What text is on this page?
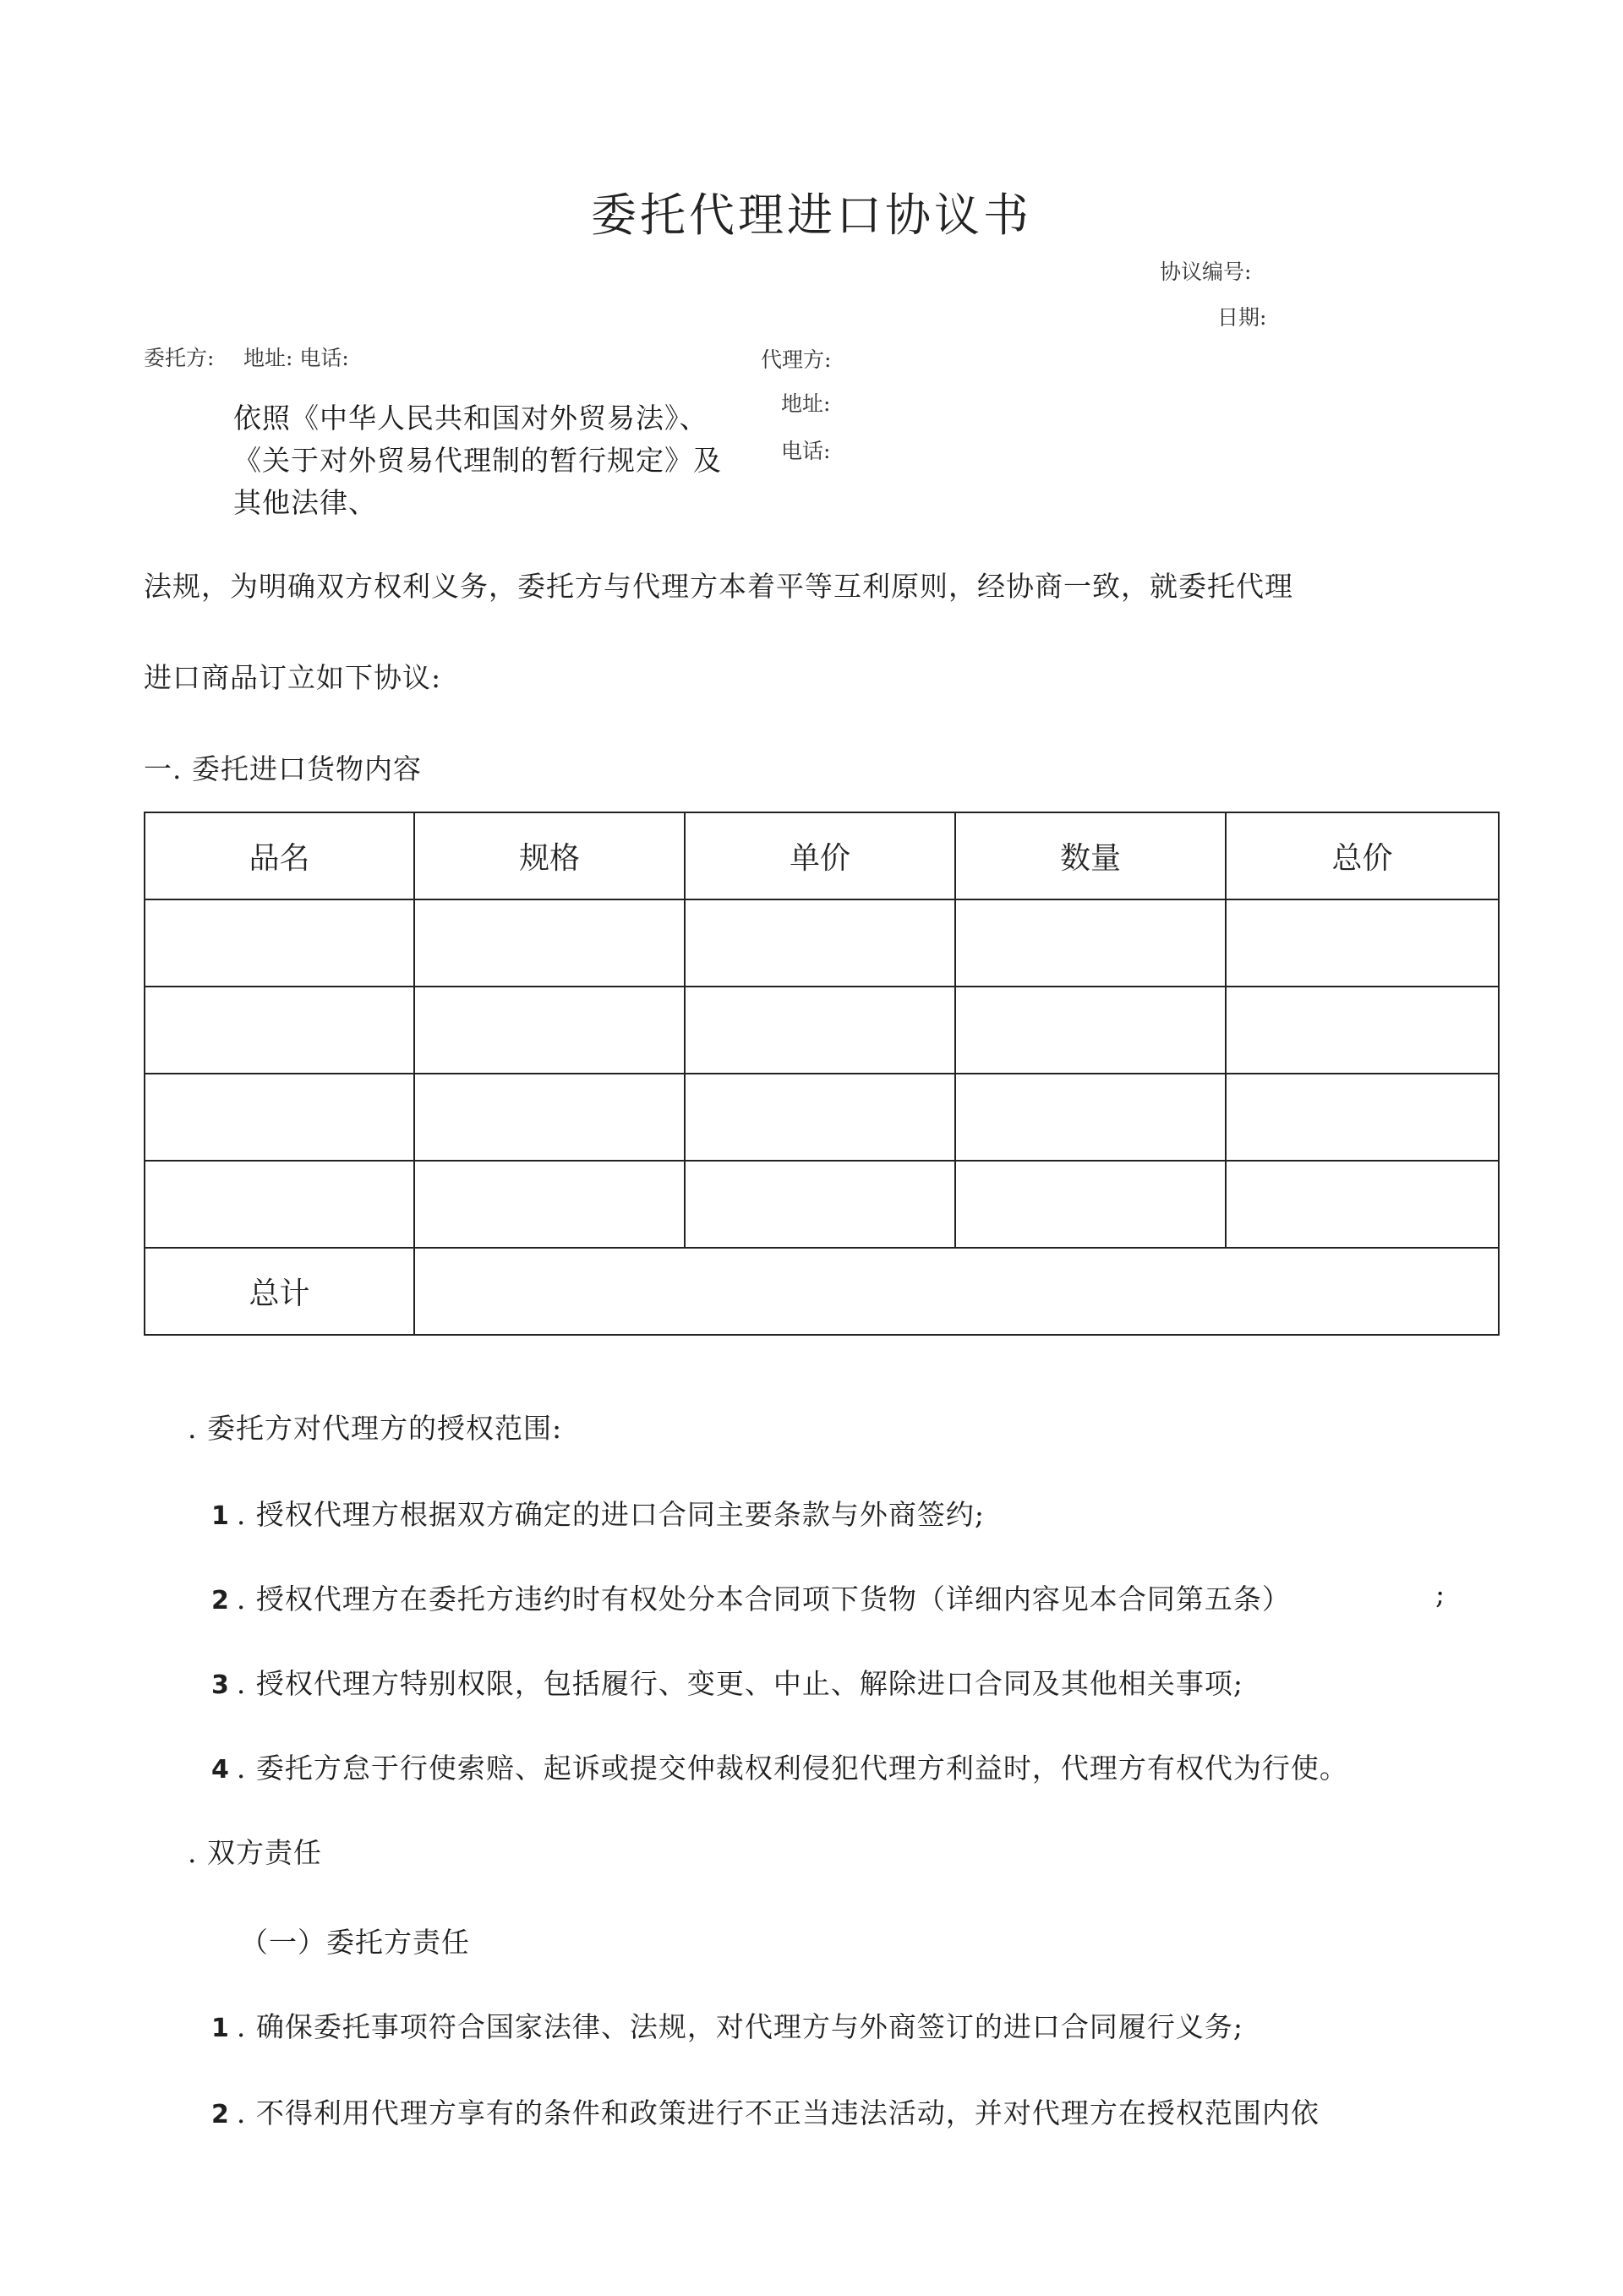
委托代理进口协议书
协议编号:
日期:
委托方: 地址: 电话:	代理方:
地址:
电话:
依照《中华人民共和国对外贸易法》、
《关于对外贸易代理制的暂行规定》及
其他法律、
法规，为明确双方权利义务，委托方与代理方本着平等互利原则，经协商一致，就委托代理
进口商品订立如下协议:
一. 委托进口货物内容
品名	规格	单价	数量	总价

总计				
. 委托方对代理方的授权范围:
1 . 授权代理方根据双方确定的进口合同主要条款与外商签约;
2 . 授权代理方在委托方违约时有权处分本合同项下货物（详细内容见本合同第五条）	;
3 . 授权代理方特别权限，包括履行、变更、中止、解除进口合同及其他相关事项;
4 . 委托方怠于行使索赔、起诉或提交仲裁权利侵犯代理方利益时，代理方有权代为行使。
. 双方责任
（一）委托方责任
1 . 确保委托事项符合国家法律、法规，对代理方与外商签订的进口合同履行义务;
2 . 不得利用代理方享有的条件和政策进行不正当违法活动，并对代理方在授权范围内依
